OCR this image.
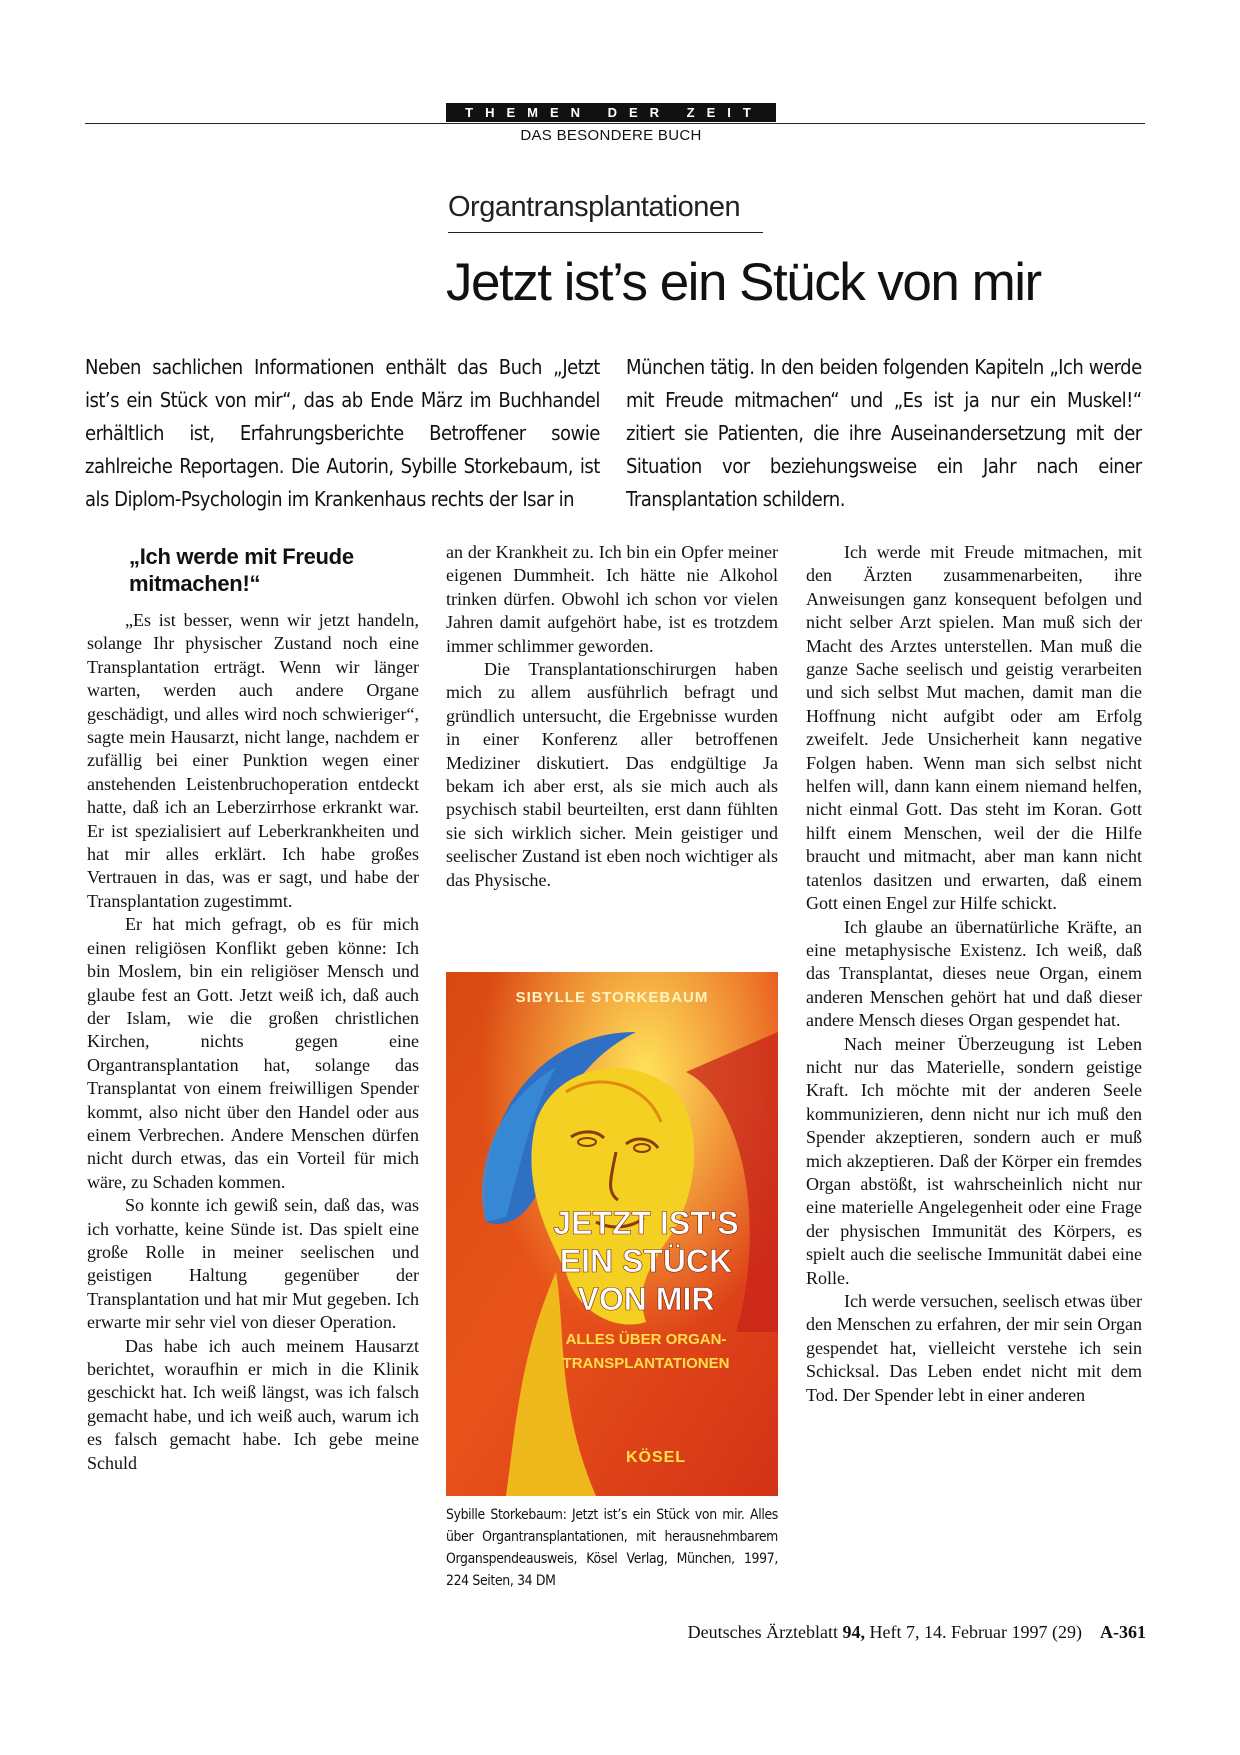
THEMEN DER ZEIT
DAS BESONDERE BUCH
Organtransplantationen
Jetzt ist’s ein Stück von mir
Neben sachlichen Informationen enthält das Buch „Jetzt ist’s ein Stück von mir“, das ab Ende März im Buchhandel erhältlich ist, Erfahrungsberichte Betroffener sowie zahlreiche Reportagen. Die Autorin, Sybille Storkebaum, ist als Diplom-Psychologin im Krankenhaus rechts der Isar in
München tätig. In den beiden folgenden Kapiteln „Ich werde mit Freude mitmachen“ und „Es ist ja nur ein Muskel!“ zitiert sie Patienten, die ihre Auseinandersetzung mit der Situation vor beziehungsweise ein Jahr nach einer Transplantation schildern.
„Ich werde mit Freude mitmachen!“

„Es ist besser, wenn wir jetzt handeln, solange Ihr physischer Zustand noch eine Transplantation erträgt. Wenn wir länger warten, werden auch andere Organe geschädigt, und alles wird noch schwieriger“, sagte mein Hausarzt, nicht lange, nachdem er zufällig bei einer Punktion wegen einer anstehenden Leistenbruchoperation entdeckt hatte, daß ich an Leberzirrhose erkrankt war. Er ist spezialisiert auf Leberkrankheiten und hat mir alles erklärt. Ich habe großes Vertrauen in das, was er sagt, und habe der Transplantation zugestimmt.

Er hat mich gefragt, ob es für mich einen religiösen Konflikt geben könne: Ich bin Moslem, bin ein religiöser Mensch und glaube fest an Gott. Jetzt weiß ich, daß auch der Islam, wie die großen christlichen Kirchen, nichts gegen eine Organtransplantation hat, solange das Transplantat von einem freiwilligen Spender kommt, also nicht über den Handel oder aus einem Verbrechen. Andere Menschen dürfen nicht durch etwas, das ein Vorteil für mich wäre, zu Schaden kommen.

So konnte ich gewiß sein, daß das, was ich vorhatte, keine Sünde ist. Das spielt eine große Rolle in meiner seelischen und geistigen Haltung gegenüber der Transplantation und hat mir Mut gegeben. Ich erwarte mir sehr viel von dieser Operation.

Das habe ich auch meinem Hausarzt berichtet, woraufhin er mich in die Klinik geschickt hat. Ich weiß längst, was ich falsch gemacht habe, und ich weiß auch, warum ich es falsch gemacht habe. Ich gebe meine Schuld

an der Krankheit zu. Ich bin ein Opfer meiner eigenen Dummheit. Ich hätte nie Alkohol trinken dürfen. Obwohl ich schon vor vielen Jahren damit aufgehört habe, ist es trotzdem immer schlimmer geworden.

Die Transplantationschirurgen haben mich zu allem ausführlich befragt und gründlich untersucht, die Ergebnisse wurden in einer Konferenz aller betroffenen Mediziner diskutiert. Das endgültige Ja bekam ich aber erst, als sie mich auch als psychisch stabil beurteilten, erst dann fühlten sie sich wirklich sicher. Mein geistiger und seelischer Zustand ist eben noch wichtiger als das Physische.

SIBYLLE STORKEBAUM
JETZT IST'S
EIN STÜCK
VON MIR
ALLES ÜBER ORGAN-
TRANSPLANTATIONEN
KÖSEL
Sybille Storkebaum: Jetzt ist’s ein Stück von mir. Alles über Organtransplantationen, mit herausnehmbarem Organspendeausweis, Kösel Verlag, München, 1997, 224 Seiten, 34 DM

Ich werde mit Freude mitmachen, mit den Ärzten zusammenarbeiten, ihre Anweisungen ganz konsequent befolgen und nicht selber Arzt spielen. Man muß sich der Macht des Arztes unterstellen. Man muß die ganze Sache seelisch und geistig verarbeiten und sich selbst Mut machen, damit man die Hoffnung nicht aufgibt oder am Erfolg zweifelt. Jede Unsicherheit kann negative Folgen haben. Wenn man sich selbst nicht helfen will, dann kann einem niemand helfen, nicht einmal Gott. Das steht im Koran. Gott hilft einem Menschen, weil der die Hilfe braucht und mitmacht, aber man kann nicht tatenlos dasitzen und erwarten, daß einem Gott einen Engel zur Hilfe schickt.

Ich glaube an übernatürliche Kräfte, an eine metaphysische Existenz. Ich weiß, daß das Transplantat, dieses neue Organ, einem anderen Menschen gehört hat und daß dieser andere Mensch dieses Organ gespendet hat.

Nach meiner Überzeugung ist Leben nicht nur das Materielle, sondern geistige Kraft. Ich möchte mit der anderen Seele kommunizieren, denn nicht nur ich muß den Spender akzeptieren, sondern auch er muß mich akzeptieren. Daß der Körper ein fremdes Organ abstößt, ist wahrscheinlich nicht nur eine materielle Angelegenheit oder eine Frage der physischen Immunität des Körpers, es spielt auch die seelische Immunität dabei eine Rolle.

Ich werde versuchen, seelisch etwas über den Menschen zu erfahren, der mir sein Organ gespendet hat, vielleicht verstehe ich sein Schicksal. Das Leben endet nicht mit dem Tod. Der Spender lebt in einer anderen

Deutsches Ärzteblatt 94, Heft 7, 14. Februar 1997 (29) A-361
